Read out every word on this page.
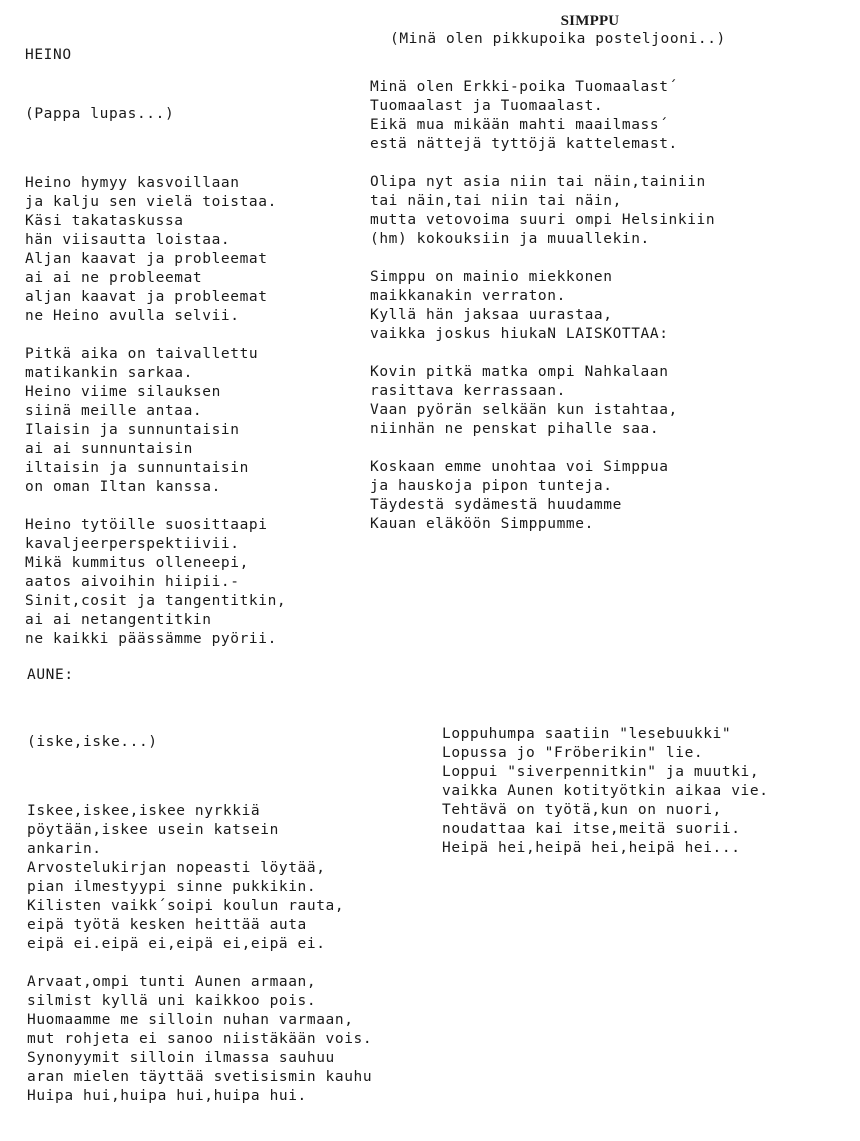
HEINO

(Pappa lupas...)

Heino hymyy kasvoillaan
ja kalju sen vielä toistaa.
Käsi takataskussa
hän viisautta loistaa.
Aljan kaavat ja probleemat
ai ai ne probleemat
aljan kaavat ja probleemat
ne Heino avulla selvii.
Pitkä aika on taivallettu
matikankin sarkaa.
Heino viime silauksen
siinä meille antaa.
Ilaisin ja sunnuntaisin
ai ai sunnuntaisin
iltaisin ja sunnuntaisin
on oman Iltan kanssa.
Heino tytöille suosittaapi
kavaljeerperspektiivii.
Mikä kummitus olleneepi,
aatos aivoihin hiipii.-
Sinit,cosit ja tangentitkin,
ai ai netangentitkin
ne kaikki päässämme pyörii.

SIMPPU
(Minä olen pikkupoika posteljooni..)
Minä olen Erkki-poika Tuomaalast´
Tuomaalast ja Tuomaalast.
Eikä mua mikään mahti maailmass´
estä nättejä tyttöjä kattelemast.
Olipa nyt asia niin tai näin,tainiin
tai näin,tai niin tai näin,
mutta vetovoima suuri ompi Helsinkiin
(hm) kokouksiin ja muuallekin.
Simppu on mainio miekkonen
maikkanakin verraton.
Kyllä hän jaksaa uurastaa,
vaikka joskus hiukaN LAISKOTTAA:
Kovin pitkä matka ompi Nahkalaan
rasittava kerrassaan.
Vaan pyörän selkään kun istahtaa,
niinhän ne penskat pihalle saa.
Koskaan emme unohtaa voi Simppua
ja hauskoja pipon tunteja.
Täydestä sydämestä huudamme
Kauan eläköön Simppumme.

AUNE:

(iske,iske...)

Iskee,iskee,iskee nyrkkiä
pöytään,iskee usein katsein
ankarin.
Arvostelukirjan nopeasti löytää,
pian ilmestyypi sinne pukkikin.
Kilisten vaikk´soipi koulun rauta,
eipä työtä kesken heittää auta
eipä ei.eipä ei,eipä ei,eipä ei.
Arvaat,ompi tunti Aunen armaan,
silmist kyllä uni kaikkoo pois.
Huomaamme me silloin nuhan varmaan,
mut rohjeta ei sanoo niistäkään vois.
Synonyymit silloin ilmassa sauhuu
aran mielen täyttää svetisismin kauhu
Huipa hui,huipa hui,huipa hui.

Loppuhumpa saatiin "lesebuukki"
Lopussa jo "Fröberikin" lie.
Loppui "siverpennitkin" ja muutki,
vaikka Aunen kotityötkin aikaa vie.
Tehtävä on työtä,kun on nuori,
noudattaa kai itse,meitä suorii.
Heipä hei,heipä hei,heipä hei...
